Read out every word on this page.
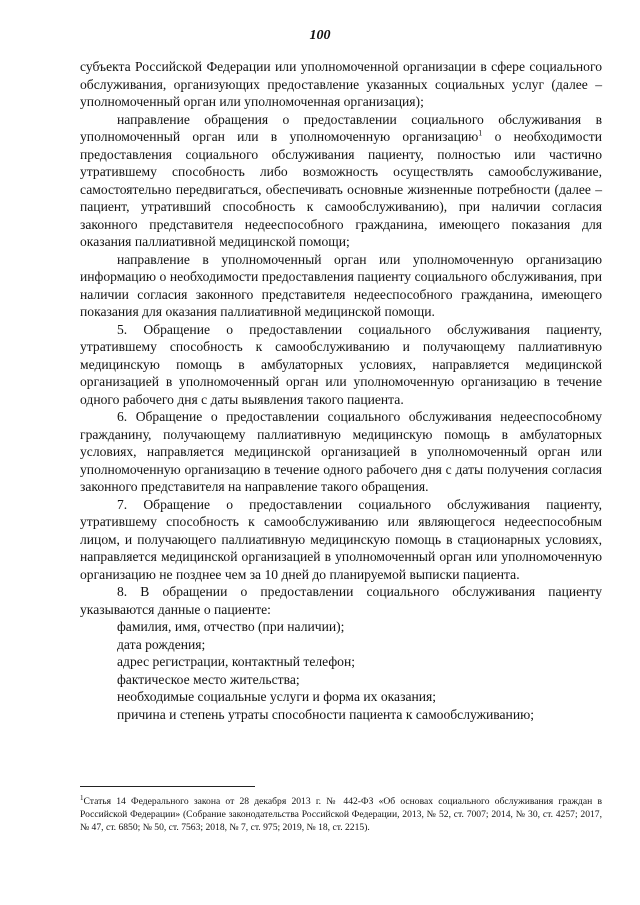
100

субъекта Российской Федерации или уполномоченной организации в сфере социального обслуживания, организующих предоставление указанных социальных услуг (далее – уполномоченный орган или уполномоченная организация);

направление обращения о предоставлении социального обслуживания в уполномоченный орган или в уполномоченную организацию$^1$ о необходимости предоставления социального обслуживания пациенту, полностью или частично утратившему способность либо возможность осуществлять самообслуживание, самостоятельно передвигаться, обеспечивать основные жизненные потребности (далее – пациент, утративший способность к самообслуживанию), при наличии согласия законного представителя недееспособного гражданина, имеющего показания для оказания паллиативной медицинской помощи;

направление в уполномоченный орган или уполномоченную организацию информацию о необходимости предоставления пациенту социального обслуживания, при наличии согласия законного представителя недееспособного гражданина, имеющего показания для оказания паллиативной медицинской помощи.

5. Обращение о предоставлении социального обслуживания пациенту, утратившему способность к самообслуживанию и получающему паллиативную медицинскую помощь в амбулаторных условиях, направляется медицинской организацией в уполномоченный орган или уполномоченную организацию в течение одного рабочего дня с даты выявления такого пациента.

6. Обращение о предоставлении социального обслуживания недееспособному гражданину, получающему паллиативную медицинскую помощь в амбулаторных условиях, направляется медицинской организацией в уполномоченный орган или уполномоченную организацию в течение одного рабочего дня с даты получения согласия законного представителя на направление такого обращения.

7. Обращение о предоставлении социального обслуживания пациенту, утратившему способность к самообслуживанию или являющегося недееспособным лицом, и получающего паллиативную медицинскую помощь в стационарных условиях, направляется медицинской организацией в уполномоченный орган или уполномоченную организацию не позднее чем за 10 дней до планируемой выписки пациента.

8. В обращении о предоставлении социального обслуживания пациенту указываются данные о пациенте:

фамилия, имя, отчество (при наличии);

дата рождения;

адрес регистрации, контактный телефон;

фактическое место жительства;

необходимые социальные услуги и форма их оказания;

причина и степень утраты способности пациента к самообслуживанию;

$^1$Статья 14 Федерального закона от 28 декабря 2013 г. № 442-ФЗ «Об основах социального обслуживания граждан в Российской Федерации» (Собрание законодательства Российской Федерации, 2013, № 52, ст. 7007; 2014, № 30, ст. 4257; 2017, № 47, ст. 6850; № 50, ст. 7563; 2018, № 7, ст. 975; 2019, № 18, ст. 2215).
